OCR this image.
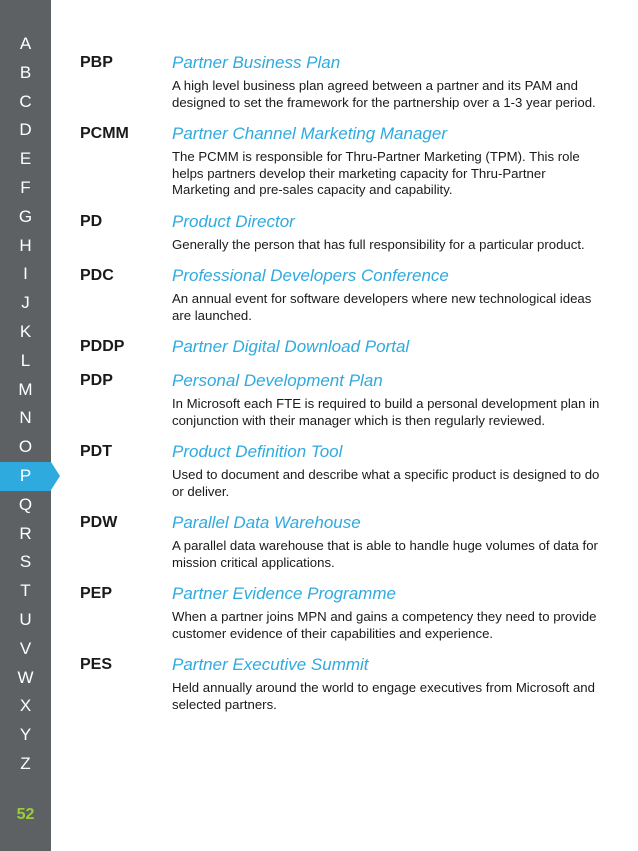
A
B
C
D
E
F
G
H
I
J
K
L
M
N
O
P
Q
R
S
T
U
V
W
X
Y
Z
52
PBP	Partner Business Plan
A high level business plan agreed between a partner and its PAM and designed to set the framework for the partnership over a 1-3 year period.
PCMM	Partner Channel Marketing Manager
The PCMM is responsible for Thru-Partner Marketing (TPM). This role helps partners develop their marketing capacity for Thru-Partner Marketing and pre-sales capacity and capability.
PD	Product Director
Generally the person that has full responsibility for a particular product.
PDC	Professional Developers Conference
An annual event for software developers where new technological ideas are launched.
PDDP	Partner Digital Download Portal
PDP	Personal Development Plan
In Microsoft each FTE is required to build a personal development plan in conjunction with their manager which is then regularly reviewed.
PDT	Product Definition Tool
Used to document and describe what a specific product is designed to do or deliver.
PDW	Parallel Data Warehouse
A parallel data warehouse that is able to handle huge volumes of data for mission critical applications.
PEP	Partner Evidence Programme
When a partner joins MPN and gains a competency they need to provide customer evidence of their capabilities and experience.
PES	Partner Executive Summit
Held annually around the world to engage executives from Microsoft and selected partners.
